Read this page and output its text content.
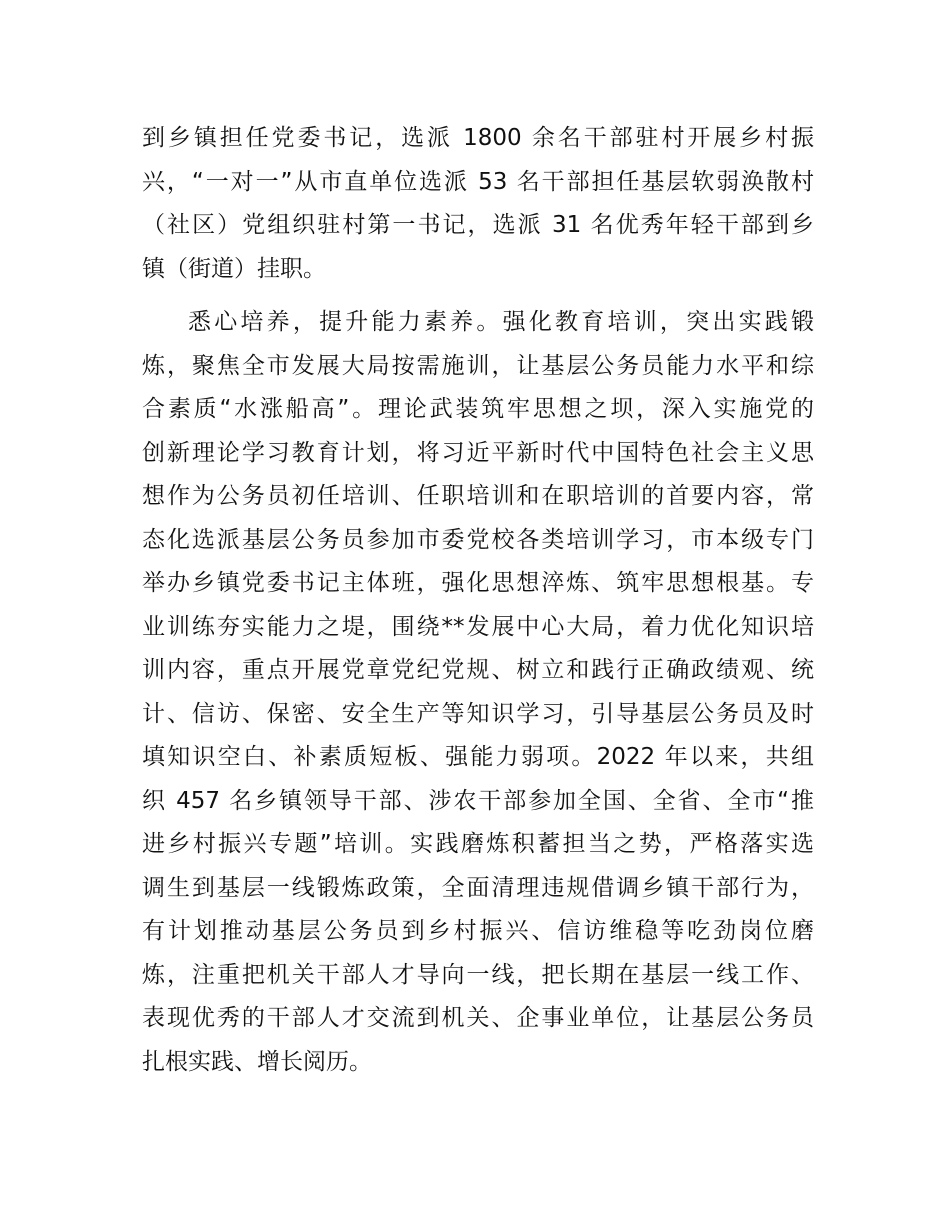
到乡镇担任党委书记，选派 1800 余名干部驻村开展乡村振
兴，“一对一”从市直单位选派 53 名干部担任基层软弱涣散村
（社区）党组织驻村第一书记，选派 31 名优秀年轻干部到乡
镇（街道）挂职。
悉心培养，提升能力素养。强化教育培训，突出实践锻
炼，聚焦全市发展大局按需施训，让基层公务员能力水平和综
合素质“水涨船高”。理论武装筑牢思想之坝，深入实施党的
创新理论学习教育计划，将习近平新时代中国特色社会主义思
想作为公务员初任培训、任职培训和在职培训的首要内容，常
态化选派基层公务员参加市委党校各类培训学习，市本级专门
举办乡镇党委书记主体班，强化思想淬炼、筑牢思想根基。专
业训练夯实能力之堤，围绕**发展中心大局，着力优化知识培
训内容，重点开展党章党纪党规、树立和践行正确政绩观、统
计、信访、保密、安全生产等知识学习，引导基层公务员及时
填知识空白、补素质短板、强能力弱项。2022 年以来，共组
织 457 名乡镇领导干部、涉农干部参加全国、全省、全市“推
进乡村振兴专题”培训。实践磨炼积蓄担当之势，严格落实选
调生到基层一线锻炼政策，全面清理违规借调乡镇干部行为，
有计划推动基层公务员到乡村振兴、信访维稳等吃劲岗位磨
炼，注重把机关干部人才导向一线，把长期在基层一线工作、
表现优秀的干部人才交流到机关、企事业单位，让基层公务员
扎根实践、增长阅历。
